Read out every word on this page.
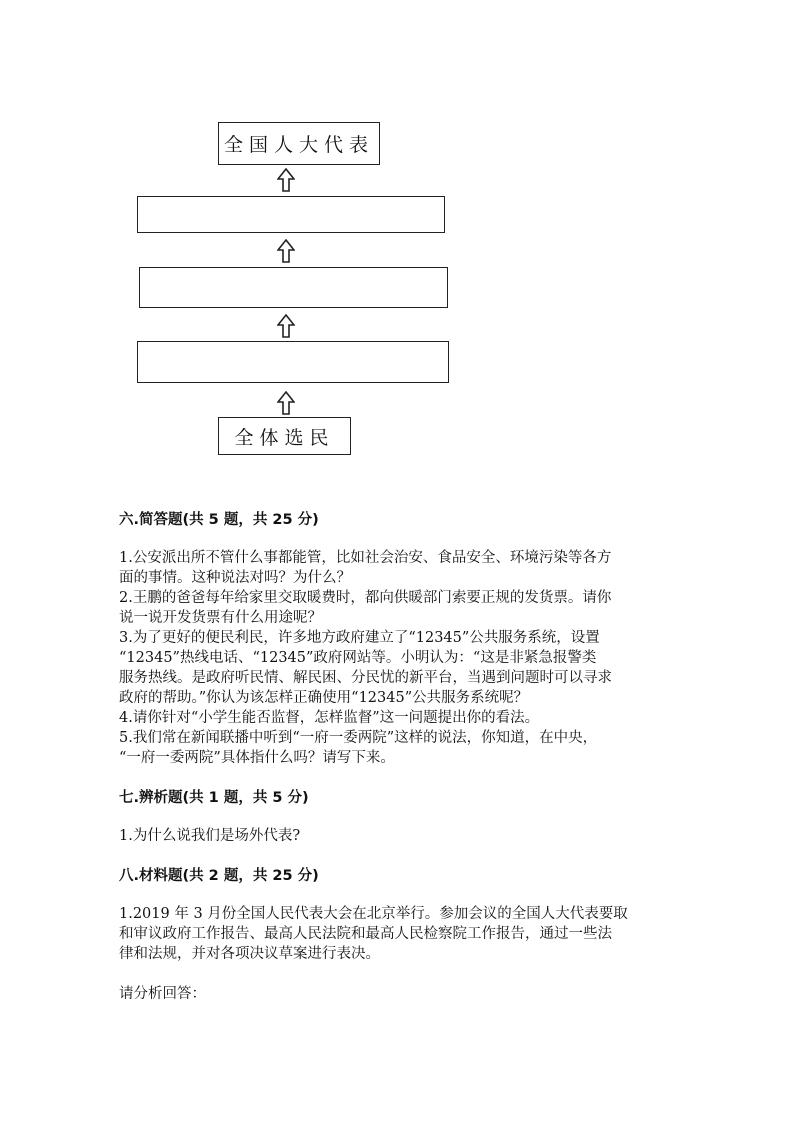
全国人大代表
全体选民

六.简答题(共 5 题，共 25 分)

1.公安派出所不管什么事都能管，比如社会治安、食品安全、环境污染等各方

面的事情。这种说法对吗？为什么？

2.王鹏的爸爸每年给家里交取暖费时，都向供暖部门索要正规的发货票。请你

说一说开发货票有什么用途呢？

3.为了更好的便民利民，许多地方政府建立了“12345”公共服务系统，设置

“12345”热线电话、“12345”政府网站等。小明认为：“这是非紧急报警类

服务热线。是政府听民情、解民困、分民忧的新平台，当遇到问题时可以寻求

政府的帮助。”你认为该怎样正确使用“12345”公共服务系统呢？

4.请你针对“小学生能否监督，怎样监督”这一问题提出你的看法。

5.我们常在新闻联播中听到“一府一委两院”这样的说法，你知道，在中央，

“一府一委两院”具体指什么吗？请写下来。

七.辨析题(共 1 题，共 5 分)

1.为什么说我们是场外代表?

八.材料题(共 2 题，共 25 分)

1.2019 年 3 月份全国人民代表大会在北京举行。参加会议的全国人大代表要取

和审议政府工作报告、最高人民法院和最高人民检察院工作报告，通过一些法

律和法规，并对各项决议草案进行表决。

请分析回答：
